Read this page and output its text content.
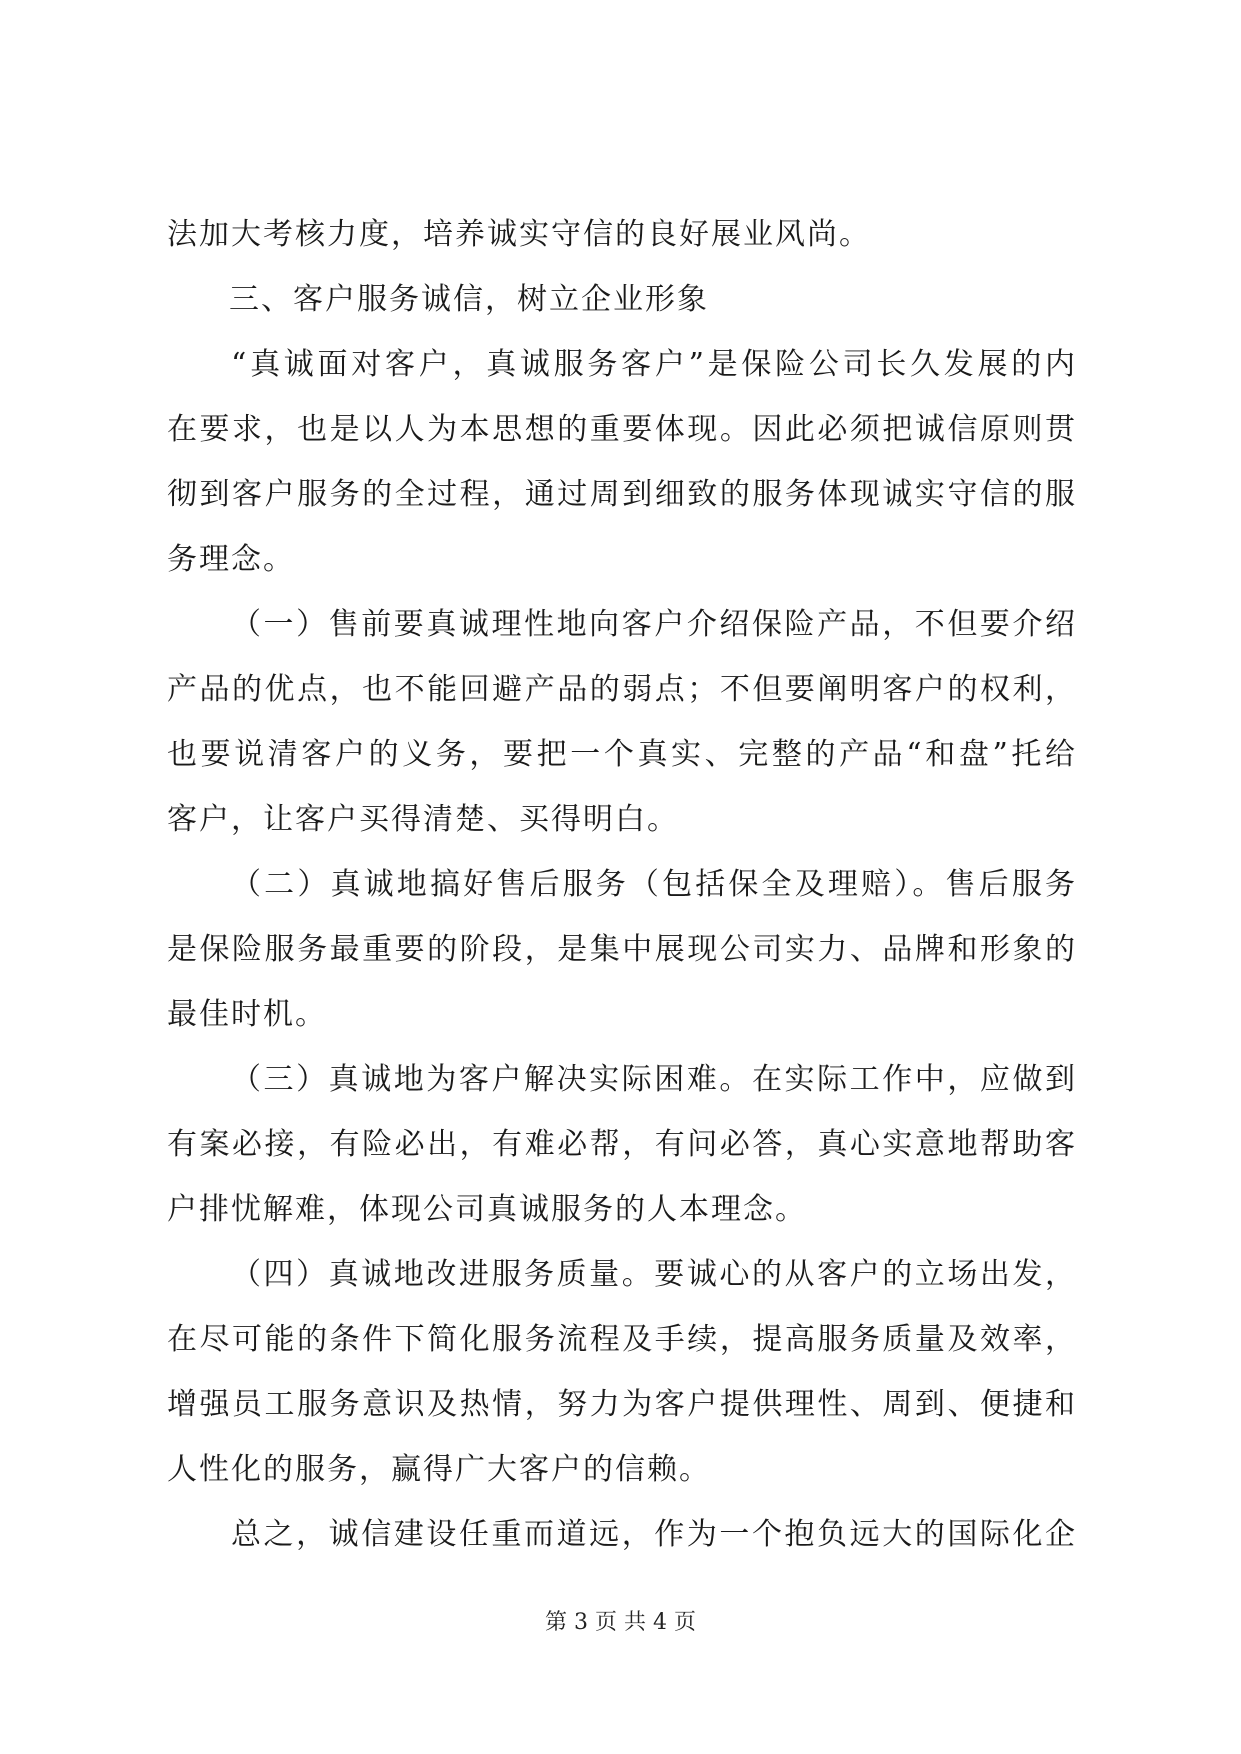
法加大考核力度，培养诚实守信的良好展业风尚。
三、客户服务诚信，树立企业形象
“真诚面对客户，真诚服务客户”是保险公司长久发展的内
在要求，也是以人为本思想的重要体现。因此必须把诚信原则贯
彻到客户服务的全过程，通过周到细致的服务体现诚实守信的服
务理念。
（一）售前要真诚理性地向客户介绍保险产品，不但要介绍
产品的优点，也不能回避产品的弱点；不但要阐明客户的权利，
也要说清客户的义务，要把一个真实、完整的产品“和盘”托给
客户，让客户买得清楚、买得明白。
（二）真诚地搞好售后服务（包括保全及理赔）。售后服务
是保险服务最重要的阶段，是集中展现公司实力、品牌和形象的
最佳时机。
（三）真诚地为客户解决实际困难。在实际工作中，应做到
有案必接，有险必出，有难必帮，有问必答，真心实意地帮助客
户排忧解难，体现公司真诚服务的人本理念。
（四）真诚地改进服务质量。要诚心的从客户的立场出发，
在尽可能的条件下简化服务流程及手续，提高服务质量及效率，
增强员工服务意识及热情，努力为客户提供理性、周到、便捷和
人性化的服务，赢得广大客户的信赖。
总之，诚信建设任重而道远，作为一个抱负远大的国际化企
第 3 页 共 4 页
